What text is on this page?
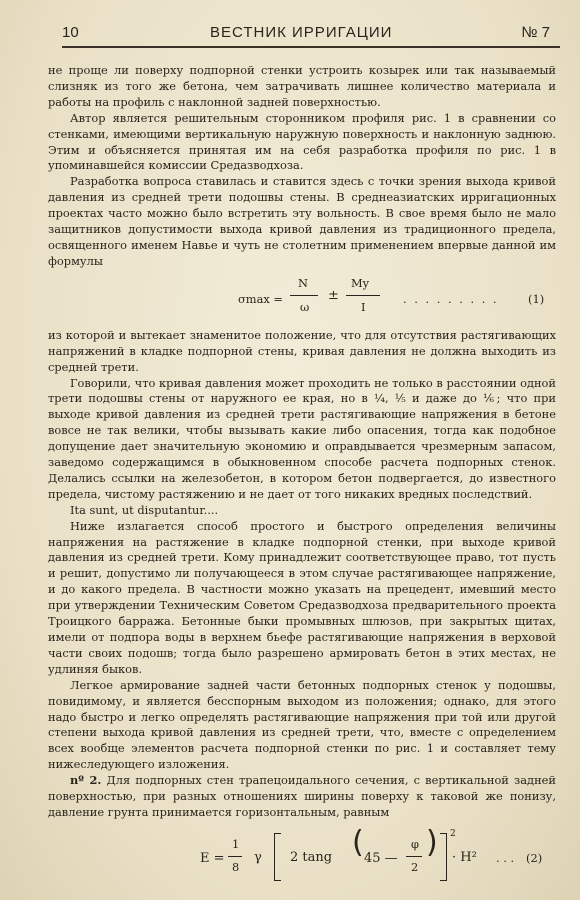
10	ВЕСТНИК ИРРИГАЦИИ	№ 7

не проще ли поверху подпорной стенки устроить козырек или так называемый слизняк из того же бетона, чем затрачивать лишнее количество материала и работы на профиль с наклонной задней поверхностью.

Автор является решительным сторонником профиля рис. 1 в сравнении со стенками, имеющими вертикальную наружную поверхность и наклонную заднюю. Этим и объясняется принятая им на себя разработка профиля по рис. 1 в упоминавшейся комиссии Средазводхоза.

Разработка вопроса ставилась и ставится здесь с точки зрения выхода кривой давления из средней трети подошвы стены. В среднеазиатских ирригационных проектах часто можно было встретить эту вольность. В свое время было не мало защитников допустимости выхода кривой давления из традиционного предела, освященного именем Навье и чуть не столетним применением впервые данной им формулы

σmax =
N
ω
±
My
I
. . . . . . . . .	(1)

из которой и вытекает знаменитое положение, что для отсутствия растягивающих напряжений в кладке подпорной стены, кривая давления не должна выходить из средней трети.

Говорили, что кривая давления может проходить не только в расстоянии одной трети подошвы стены от наружного ее края, но в ¼, ⅕ и даже до ⅙; что при выходе кривой давления из средней трети растягивающие напряжения в бетоне вовсе не так велики, чтобы вызывать какие либо опасения, тогда как подобное допущение дает значительную экономию и оправдывается чрезмерным запасом, заведомо содержащимся в обыкновенном способе расчета подпорных стенок. Делались ссылки на железобетон, в котором бетон подвергается, до известного предела, чистому растяжению и не дает от того никаких вредных последствий.

Ita sunt, ut disputantur....

Ниже излагается способ простого и быстрого определения величины напряжения на растяжение в кладке подпорной стенки, при выходе кривой давления из средней трети. Кому принадлежит соответствующее право, тот пусть и решит, допустимо ли получающееся в этом случае растягивающее напряжение, и до какого предела. В частности можно указать на прецедент, имевший место при утверждении Техническим Советом Средазводхоза предварительного проекта Троицкого барража. Бетонные быки промывных шлюзов, при закрытых щитах, имели от подпора воды в верхнем бьефе растягивающие напряжения в верховой части своих подошв; тогда было разрешено армировать бетон в этих местах, не удлиняя быков.

Легкое армирование задней части бетонных подпорных стенок у подошвы, повидимому, и является бесспорным выходом из положения; однако, для этого надо быстро и легко определять растягивающие напряжения при той или другой степени выхода кривой давления из средней трети, что, вместе с определением всех вообще элементов расчета подпорной стенки по рис. 1 и составляет тему нижеследующего изложения.

nº 2. Для подпорных стен трапецоидального сечения, с вертикальной задней поверхностью, при разных отношениях ширины поверху к таковой же понизу, давление грунта принимается горизонтальным, равным

E =
1
8
γ 2 tang ( 45 —
φ
2
) 2
· H² . . . (2)
